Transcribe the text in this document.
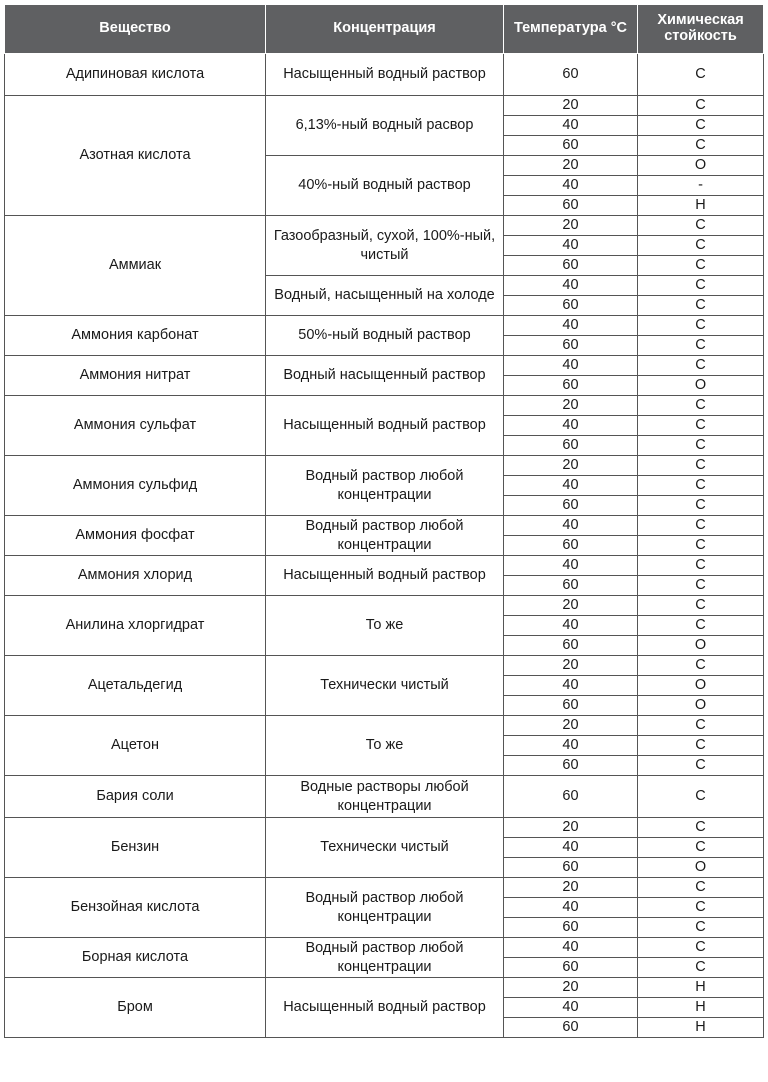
Вещество	Концентрация	Температура °С	Химическая стойкость
Адипиновая кислота	Насыщенный водный раствор	60	С
Азотная кислота	6,13%-ный водный расвор	20	С
		40	С
		60	С
	40%-ный водный раствор	20	О
		40	-
		60	Н
Аммиак	Газообразный, сухой, 100%-ный, чистый	20	С
		40	С
		60	С
	Водный, насыщенный на холоде	40	С
		60	С
Аммония карбонат	50%-ный водный раствор	40	С
		60	С
Аммония нитрат	Водный насыщенный раствор	40	С
		60	О
Аммония сульфат	Насыщенный водный раствор	20	С
		40	С
		60	С
Аммония сульфид	Водный раствор любой концентрации	20	С
		40	С
		60	С
Аммония фосфат	Водный раствор любой концентрации	40	С
		60	С
Аммония хлорид	Насыщенный водный раствор	40	С
		60	С
Анилина хлоргидрат	То же	20	С
		40	С
		60	О
Ацетальдегид	Технически чистый	20	С
		40	О
		60	О
Ацетон	То же	20	С
		40	С
		60	С
Бария соли	Водные растворы любой концентрации	60	С
Бензин	Технически чистый	20	С
		40	С
		60	О
Бензойная кислота	Водный раствор любой концентрации	20	С
		40	С
		60	С
Борная кислота	Водный раствор любой концентрации	40	С
		60	С
Бром	Насыщенный водный раствор	20	Н
		40	Н
		60	Н
